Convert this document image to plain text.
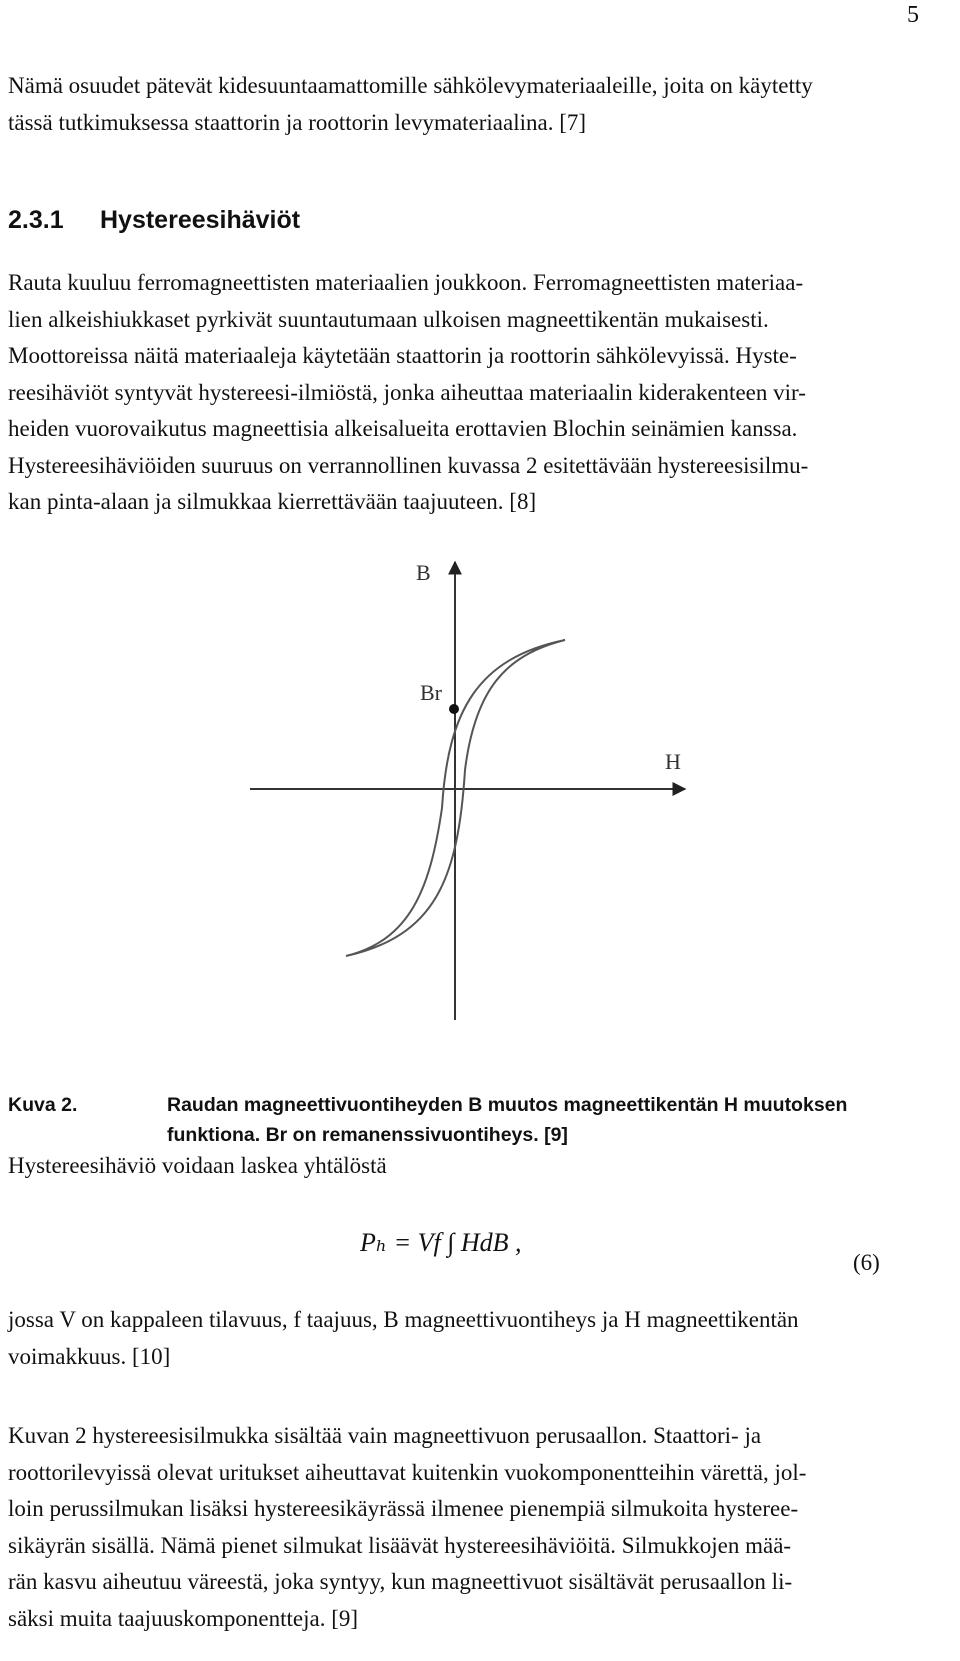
5
Nämä osuudet pätevät kidesuuntaamattomille sähkölevymateriaaleille, joita on käytetty
tässä tutkimuksessa staattorin ja roottorin levymateriaalina. [7]
2.3.1 Hystereesihäviöt
Rauta kuuluu ferromagneettisten materiaalien joukkoon. Ferromagneettisten materiaa-
lien alkeishiukkaset pyrkivät suuntautumaan ulkoisen magneettikentän mukaisesti.
Moottoreissa näitä materiaaleja käytetään staattorin ja roottorin sähkölevyissä. Hyste-
reesihäviöt syntyvät hystereesi-ilmiöstä, jonka aiheuttaa materiaalin kiderakenteen vir-
heiden vuorovaikutus magneettisia alkeisalueita erottavien Blochin seinämien kanssa.
Hystereesihäviöiden suuruus on verrannollinen kuvassa 2 esitettävään hystereesisilmu-
kan pinta-alaan ja silmukkaa kierrettävään taajuuteen. [8]
B
H
Br
Kuva 2.	Raudan magneettivuontiheyden B muutos magneettikentän H muutoksen
funktiona. Br on remanenssivuontiheys. [9]
Hystereesihäviö voidaan laskea yhtälöstä
Pₕ = Vf ∫ HdB ,
(6)
jossa V on kappaleen tilavuus, f taajuus, B magneettivuontiheys ja H magneettikentän
voimakkuus. [10]
Kuvan 2 hystereesisilmukka sisältää vain magneettivuon perusaallon. Staattori- ja
roottorilevyissä olevat uritukset aiheuttavat kuitenkin vuokomponentteihin värettä, jol-
loin perussilmukan lisäksi hystereesikäyrässä ilmenee pienempiä silmukoita hysteree-
sikäyrän sisällä. Nämä pienet silmukat lisäävät hystereesihäviöitä. Silmukkojen mää-
rän kasvu aiheutuu väreestä, joka syntyy, kun magneettivuot sisältävät perusaallon li-
säksi muita taajuuskomponentteja. [9]
